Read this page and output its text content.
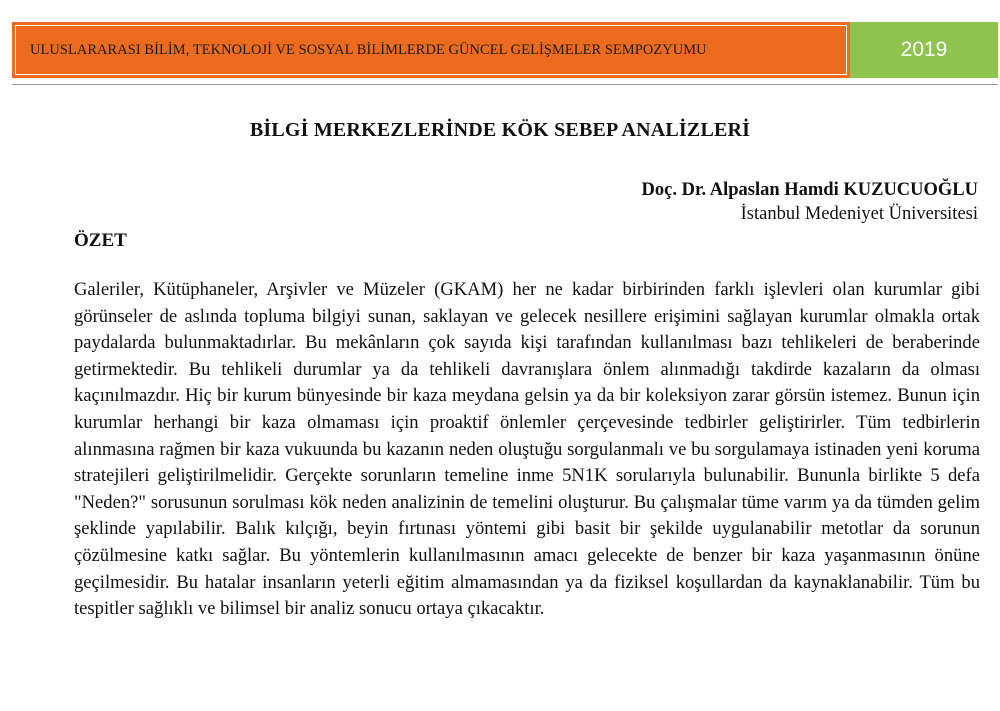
ULUSLARARASI BİLİM, TEKNOLOJİ VE SOSYAL BİLİMLERDE GÜNCEL GELİŞMELER SEMPOZYUMU	2019
BİLGİ MERKEZLERİNDE KÖK SEBEP ANALİZLERİ
Doç. Dr. Alpaslan Hamdi KUZUCUOĞLU
İstanbul Medeniyet Üniversitesi
ÖZET

Galeriler, Kütüphaneler, Arşivler ve Müzeler (GKAM) her ne kadar birbirinden farklı işlevleri olan kurumlar gibi görünseler de aslında topluma bilgiyi sunan, saklayan ve gelecek nesillere erişimini sağlayan kurumlar olmakla ortak paydalarda bulunmaktadırlar. Bu mekânların çok sayıda kişi tarafından kullanılması bazı tehlikeleri de beraberinde getirmektedir. Bu tehlikeli durumlar ya da tehlikeli davranışlara önlem alınmadığı takdirde kazaların da olması kaçınılmazdır. Hiç bir kurum bünyesinde bir kaza meydana gelsin ya da bir koleksiyon zarar görsün istemez. Bunun için kurumlar herhangi bir kaza olmaması için proaktif önlemler çerçevesinde tedbirler geliştirirler. Tüm tedbirlerin alınmasına rağmen bir kaza vukuunda bu kazanın neden oluştuğu sorgulanmalı ve bu sorgulamaya istinaden yeni koruma stratejileri geliştirilmelidir. Gerçekte sorunların temeline inme 5N1K sorularıyla bulunabilir. Bununla birlikte 5 defa "Neden?" sorusunun sorulması kök neden analizinin de temelini oluşturur. Bu çalışmalar tüme varım ya da tümden gelim şeklinde yapılabilir. Balık kılçığı, beyin fırtınası yöntemi gibi basit bir şekilde uygulanabilir metotlar da sorunun çözülmesine katkı sağlar. Bu yöntemlerin kullanılmasının amacı gelecekte de benzer bir kaza yaşanmasının önüne geçilmesidir. Bu hatalar insanların yeterli eğitim almamasından ya da fiziksel koşullardan da kaynaklanabilir. Tüm bu tespitler sağlıklı ve bilimsel bir analiz sonucu ortaya çıkacaktır.
